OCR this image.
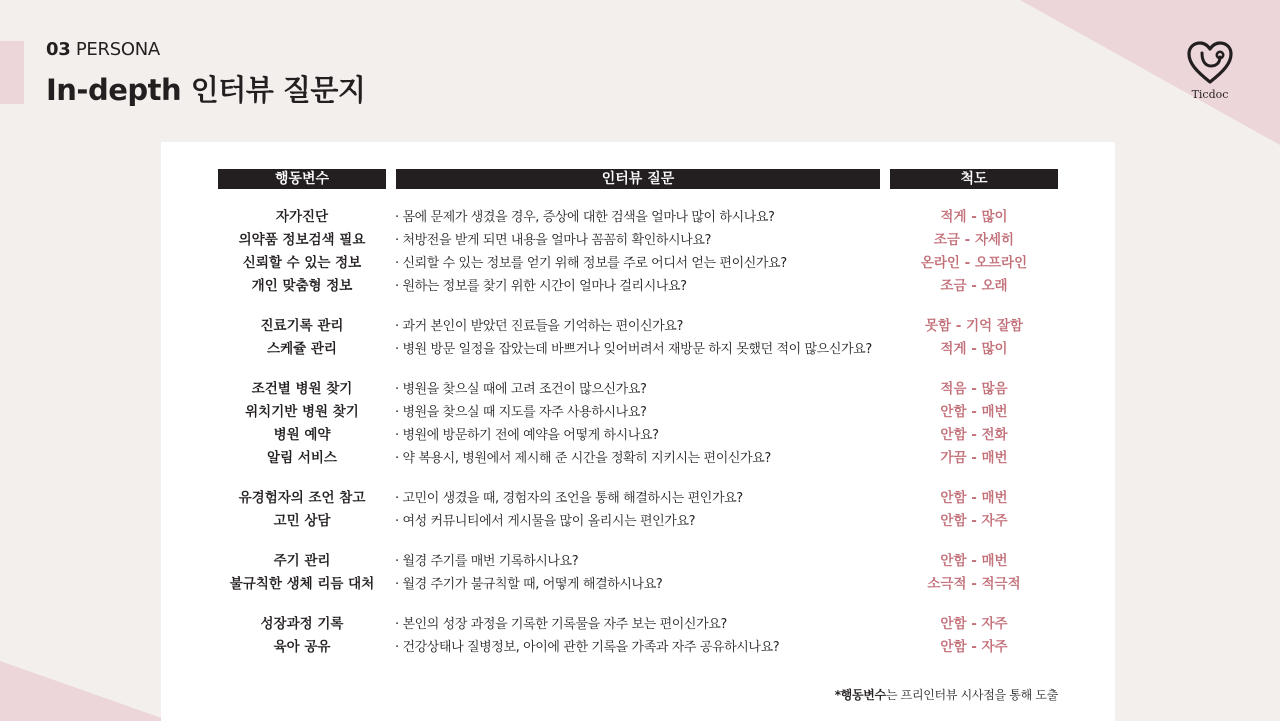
03 PERSONA
In-depth 인터뷰 질문지	Ticdoc
행동변수	인터뷰 질문	척도
자가진단	· 몸에 문제가 생겼을 경우, 증상에 대한 검색을 얼마나 많이 하시나요?	적게 - 많이
의약품 정보검색 필요	· 처방전을 받게 되면 내용을 얼마나 꼼꼼히 확인하시나요?	조금 - 자세히
신뢰할 수 있는 정보	· 신뢰할 수 있는 정보를 얻기 위해 정보를 주로 어디서 얻는 편이신가요?	온라인 - 오프라인
개인 맞춤형 정보	· 원하는 정보를 찾기 위한 시간이 얼마나 걸리시나요?	조금 - 오래
진료기록 관리	· 과거 본인이 받았던 진료들을 기억하는 편이신가요?	못함 - 기억 잘함
스케쥴 관리	· 병원 방문 일정을 잡았는데 바쁘거나 잊어버려서 재방문 하지 못했던 적이 많으신가요?	적게 - 많이
조건별 병원 찾기	· 병원을 찾으실 때에 고려 조건이 많으신가요?	적음 - 많음
위치기반 병원 찾기	· 병원을 찾으실 때 지도를 자주 사용하시나요?	안함 - 매번
병원 예약	· 병원에 방문하기 전에 예약을 어떻게 하시나요?	안함 - 전화
알림 서비스	· 약 복용시, 병원에서 제시해 준 시간을 정확히 지키시는 편이신가요?	가끔 - 매번
유경험자의 조언 참고	· 고민이 생겼을 때, 경험자의 조언을 통해 해결하시는 편인가요?	안함 - 매번
고민 상담	· 여성 커뮤니티에서 게시물을 많이 올리시는 편인가요?	안함 - 자주
주기 관리	· 월경 주기를 매번 기록하시나요?	안함 - 매번
불규칙한 생체 리듬 대처	· 월경 주기가 불규칙할 때, 어떻게 해결하시나요?	소극적 - 적극적
성장과정 기록	· 본인의 성장 과정을 기록한 기록물을 자주 보는 편이신가요?	안함 - 자주
육아 공유	· 건강상태나 질병정보, 아이에 관한 기록을 가족과 자주 공유하시나요?	안함 - 자주
*행동변수는 프리인터뷰 시사점을 통해 도출
